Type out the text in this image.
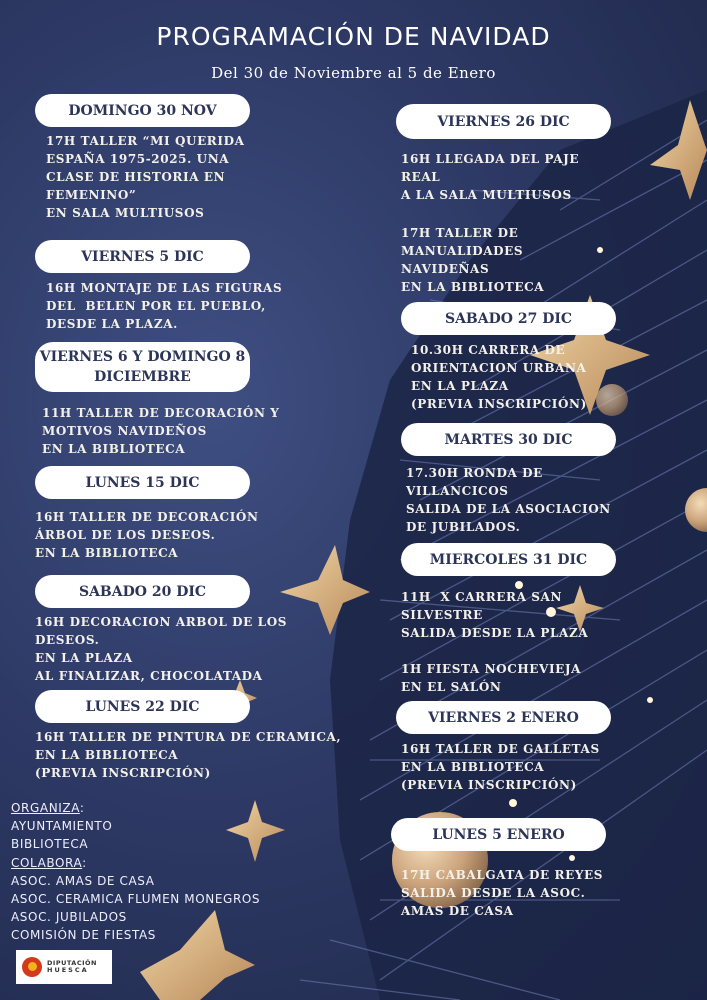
PROGRAMACIÓN DE NAVIDAD
Del 30 de Noviembre al 5 de Enero
DOMINGO 30 NOV
17H TALLER “MI QUERIDA
ESPAÑA 1975-2025. UNA
CLASE DE HISTORIA EN
FEMENINO”
EN SALA MULTIUSOS
VIERNES 5 DIC
16H MONTAJE DE LAS FIGURAS
DEL  BELEN POR EL PUEBLO,
DESDE LA PLAZA.
VIERNES 6 Y DOMINGO 8
DICIEMBRE
11H TALLER DE DECORACIÓN Y
MOTIVOS NAVIDEÑOS
EN LA BIBLIOTECA
LUNES 15 DIC
16H TALLER DE DECORACIÓN
ÁRBOL DE LOS DESEOS.
EN LA BIBLIOTECA
SABADO 20 DIC
16H DECORACION ARBOL DE LOS
DESEOS.
EN LA PLAZA
AL FINALIZAR, CHOCOLATADA
LUNES 22 DIC
16H TALLER DE PINTURA DE CERAMICA,
EN LA BIBLIOTECA
(PREVIA INSCRIPCIÓN)
VIERNES 26 DIC
16H LLEGADA DEL PAJE
REAL
A LA SALA MULTIUSOS
17H TALLER DE
MANUALIDADES
NAVIDEÑAS
EN LA BIBLIOTECA
SABADO 27 DIC
10.30H CARRERA DE
ORIENTACION URBANA
EN LA PLAZA
(PREVIA INSCRIPCIÓN)
MARTES 30 DIC
17.30H RONDA DE
VILLANCICOS
SALIDA DE LA ASOCIACION
DE JUBILADOS.
MIERCOLES 31 DIC
11H  X CARRERA SAN
SILVESTRE
SALIDA DESDE LA PLAZA
1H FIESTA NOCHEVIEJA
EN EL SALÓN
VIERNES 2 ENERO
16H TALLER DE GALLETAS
EN LA BIBLIOTECA
(PREVIA INSCRIPCIÓN)
LUNES 5 ENERO
17H CABALGATA DE REYES
SALIDA DESDE LA ASOC.
AMAS DE CASA
ORGANIZA:
AYUNTAMIENTO
BIBLIOTECA
COLABORA:
ASOC. AMAS DE CASA
ASOC. CERAMICA FLUMEN MONEGROS
ASOC. JUBILADOS
COMISIÓN DE FIESTAS
DIPUTACIÓN
HUESCA
